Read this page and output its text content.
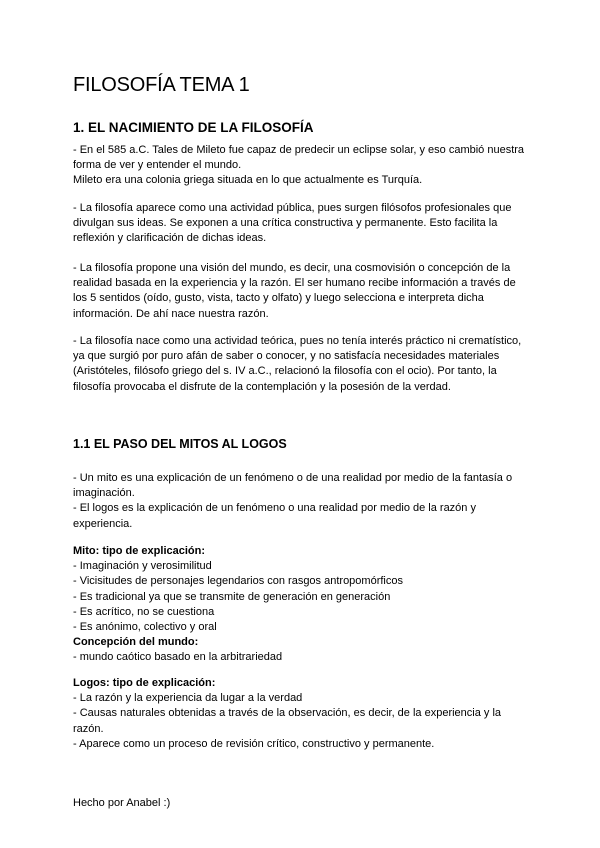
FILOSOFÍA TEMA 1
1. EL NACIMIENTO DE LA FILOSOFÍA

- En el 585 a.C. Tales de Mileto fue capaz de predecir un eclipse solar, y eso cambió nuestra
forma de ver y entender el mundo.
Mileto era una colonia griega situada en lo que actualmente es Turquía.

- La filosofía aparece como una actividad pública, pues surgen filósofos profesionales que
divulgan sus ideas. Se exponen a una crítica constructiva y permanente. Esto facilita la
reflexión y clarificación de dichas ideas.

- La filosofía propone una visión del mundo, es decir, una cosmovisión o concepción de la
realidad basada en la experiencia y la razón. El ser humano recibe información a través de
los 5 sentidos (oído, gusto, vista, tacto y olfato) y luego selecciona e interpreta dicha
información. De ahí nace nuestra razón.

- La filosofía nace como una actividad teórica, pues no tenía interés práctico ni crematístico,
ya que surgió por puro afán de saber o conocer, y no satisfacía necesidades materiales
(Aristóteles, filósofo griego del s. IV a.C., relacionó la filosofía con el ocio). Por tanto, la
filosofía provocaba el disfrute de la contemplación y la posesión de la verdad.

1.1 EL PASO DEL MITOS AL LOGOS

- Un mito es una explicación de un fenómeno o de una realidad por medio de la fantasía o
imaginación.
- El logos es la explicación de un fenómeno o una realidad por medio de la razón y
experiencia.

Mito: tipo de explicación:
- Imaginación y verosimilitud
- Vicisitudes de personajes legendarios con rasgos antropomórficos
- Es tradicional ya que se transmite de generación en generación
- Es acrítico, no se cuestiona
- Es anónimo, colectivo y oral
Concepción del mundo:
- mundo caótico basado en la arbitrariedad
Logos: tipo de explicación:
- La razón y la experiencia da lugar a la verdad
- Causas naturales obtenidas a través de la observación, es decir, de la experiencia y la
razón.
- Aparece como un proceso de revisión crítico, constructivo y permanente.

Hecho por Anabel :)
